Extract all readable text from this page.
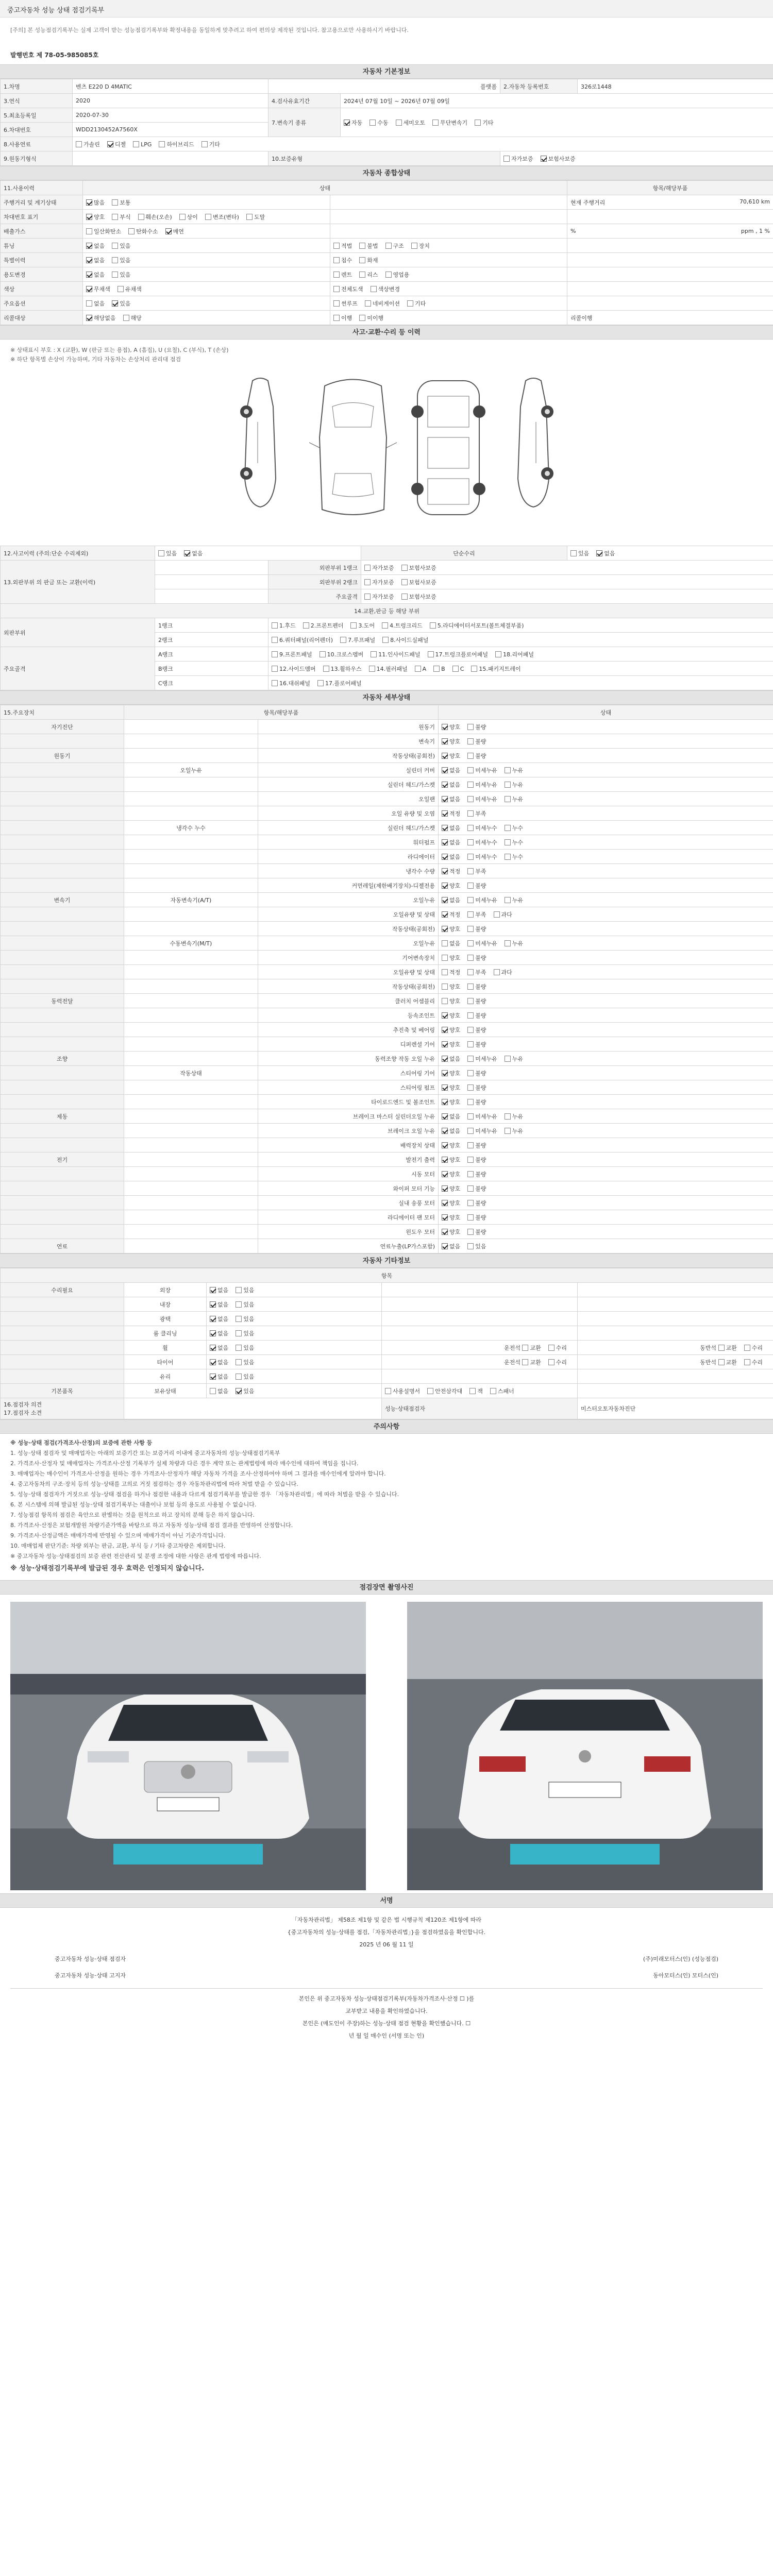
중고자동차 성능 상태 점검기록부
[주의] 본 성능점검기록부는 실제 고객이 받는 성능점검기록부와 확정내용을 동일하게 맞추려고 하여 편의상 제작된 것입니다. 참고용으로만 사용하시기 바랍니다.
발행번호 제 78-05-985085호
자동차 기본정보
1.차명	벤츠 E220 D 4MATIC	플랫폼		2.자동차 등록번호	326로1448
3.연식	2020	4.검사유효기간	2024년 07월 10일 ~ 2026년 07월 09일		
5.최초등록일	2020-07-30	7.변속기 종류	자동 수동 세미오토 무단변속기 기타		
6.차대번호	WDD2130452A7560X				
8.사용연료	가솔린 디젤 LPG 하이브리드 기타				
9.원동기형식		10.보증유형		자가보증 보험사보증	
자동차 종합상태
11.사용이력	상태		항목/해당부품
주행거리 및 계기상태	많음 보통		현재 주행거리 70,610 km

차대번호 표기	양호 부식 훼손(오손) 상이 변조(변타) 도말		
배출가스	일산화탄소 탄화수소 매연		% ppm , 1 %

튜닝	없음 있음	적법 불법 구조 장치	
특별이력	없음 있음	침수 화재	
용도변경	없음 있음	렌트 리스 영업용	
색상	무채색 유채색	전체도색 색상변경	
주요옵션	없음 있음	썬루프 네비게이션 기타	
리콜대상	해당없음 해당	이행 미이행	리콜이행
사고·교환·수리 등 이력
※ 상태표시 부호 : X (교환), W (판금 또는 용접), A (흠집), U (요철), C (부식), T (손상)
※ 하단 항목별 손상이 가능하며, 기타 자동차는 손상처리 관리대 점검
12.사고이력 (주의:단순 수리제외)	있음 없음		단순수리	있음 없음
13.외판부위 의 판금 또는 교환(이력)		외판부위 1랭크	자가보증 보험사보증	
		외판부위 2랭크	자가보증 보험사보증	
		주요골격	자가보증 보험사보증	
14.교환,판금 등 해당 부위				
외판부위	1랭크	1.후드 2.프론트펜더 3.도어 4.트렁크리드 5.라디에이터서포트(볼트체결부품)		
	2랭크	6.쿼터패널(리어펜더) 7.루프패널 8.사이드실패널		
주요골격	A랭크	9.프론트패널 10.크로스멤버 11.인사이드패널 17.트렁크플로어패널 18.리어패널		
	B랭크	12.사이드멤버 13.휠하우스 14.필러패널 A B C 15.패키지트레이		
	C랭크	16.대쉬패널 17.플로어패널		
자동차 세부상태
15.주요장치	항목/해당부품		상태
자기진단		원동기	양호 불량
		변속기	양호 불량
원동기		작동상태(공회전)	양호 불량
	오일누유	실린더 커버	없음 미세누유 누유
		실린더 헤드/가스켓	없음 미세누유 누유
		오일팬	없음 미세누유 누유
		오일 유량 및 오염	적정 부족
	냉각수 누수	실린더 헤드/가스켓	없음 미세누수 누수
		워터펌프	없음 미세누수 누수
		라디에이터	없음 미세누수 누수
		냉각수 수량	적정 부족
		커먼레일(제한배기장치)-디젤전용	양호 불량
변속기	자동변속기(A/T)	오일누유	없음 미세누유 누유
		오일유량 및 상태	적정 부족 과다
		작동상태(공회전)	양호 불량
	수동변속기(M/T)	오일누유	없음 미세누유 누유
		기어변속장치	양호 불량
		오일유량 및 상태	적정 부족 과다
		작동상태(공회전)	양호 불량
동력전달		클러치 어셈블리	양호 불량
		등속조인트	양호 불량
		추진축 및 베어링	양호 불량
		디퍼렌셜 기어	양호 불량
조향		동력조향 작동 오일 누유	없음 미세누유 누유
	작동상태	스티어링 기어	양호 불량
		스티어링 펌프	양호 불량
		타이로드엔드 및 볼조인트	양호 불량
제동		브레이크 마스터 실린더오일 누유	없음 미세누유 누유
		브레이크 오일 누유	없음 미세누유 누유
		배력장치 상태	양호 불량
전기		발전기 출력	양호 불량
		시동 모터	양호 불량
		와이퍼 모터 기능	양호 불량
		실내 송풍 모터	양호 불량
		라디에이터 팬 모터	양호 불량
		윈도우 모터	양호 불량
연료		연료누출(LP가스포함)	없음 있음
자동차 기타정보
항목				
수리필요	외장	없음 있음		
	내장	없음 있음		
	광택	없음 있음		
	룸 클리닝	없음 있음		
	휠	없음 있음	운전석 교환 수리	동반석 교환 수리

	타이어	없음 있음	운전석 교환 수리	동반석 교환 수리

	유리	없음 있음		
기본품목	보유상태	없음 있음	사용설명서 안전삼각대 잭 스패너	
16.점검자 의견
17.점검자 소견			성능·상태점검자	미스터오토자동차진단
주의사항

※ 성능·상태 점검(가격조사·산정)의 보증에 관한 사항 등

1. 성능·상태 점검자 및 매매업자는 아래의 보증기간 또는 보증거리 이내에 중고자동차의 성능·상태점검기록부

2. 가격조사·산정자 및 매매업자는 가격조사·산정 기록부가 실제 차량과 다른 경우 계약 또는 관계법령에 따라 매수인에 대하여 책임을 집니다.

3. 매매업자는 매수인이 가격조사·산정을 원하는 경우 가격조사·산정자가 해당 자동차 가격을 조사·산정하여야 하며 그 결과를 매수인에게 알려야 합니다.

4. 중고자동차의 구조·장치 등의 성능·상태를 고의로 거짓 점검하는 경우 자동차관리법에 따라 처벌 받을 수 있습니다.

5. 성능·상태 점검자가 거짓으로 성능·상태 점검을 하거나 점검한 내용과 다르게 점검기록부를 발급한 경우 「자동차관리법」에 따라 처벌을 받을 수 있습니다.

6. 본 시스템에 의해 발급된 성능·상태 점검기록부는 대출이나 보험 등의 용도로 사용될 수 없습니다.

7. 성능점검 항목의 점검은 육안으로 판별하는 것을 원칙으로 하고 장치의 분해 등은 하지 않습니다.

8. 가격조사·산정은 보험개발원 차량기준가액을 바탕으로 하고 자동차 성능·상태 점검 결과를 반영하여 산정합니다.

9. 가격조사·산정금액은 매매가격에 반영될 수 있으며 매매가격이 아닌 기준가격입니다.

10. 매매업체 판단기준: 차량 외부는 판금, 교환, 부식 등 / 기타 중고차량은 제외합니다.

※ 중고자동차 성능·상태점검의 보증 관련 전산관리 및 분쟁 조정에 대한 사항은 관계 법령에 따릅니다.

※ 성능·상태점검기록부에 발급된 경우 효력은 인정되지 않습니다.

점검장면 촬영사진
서명
「자동차관리법」 제58조 제1항 및 같은 법 시행규칙 제120조 제1항에 따라
{중고자동차의 성능·상태를 점검,「자동차관리법」}을 점검하였음을 확인합니다.
2025 년 06 월 11 일
중고자동차 성능·상태 점검자	(주)미래모터스(인) (성능점검)
중고자동차 성능·상태 고지자	동아모터스(인) 모터스(인)
본인은 위 중고자동차 성능·상태점검기록부(자동차가격조사·산정 ☐ )를
교부받고 내용을 확인하였습니다.
본인은 (매도인이 주장)하는 성능·상태 점검 현황을 확인했습니다. ☐
년 월 일 매수인 (서명 또는 인)
